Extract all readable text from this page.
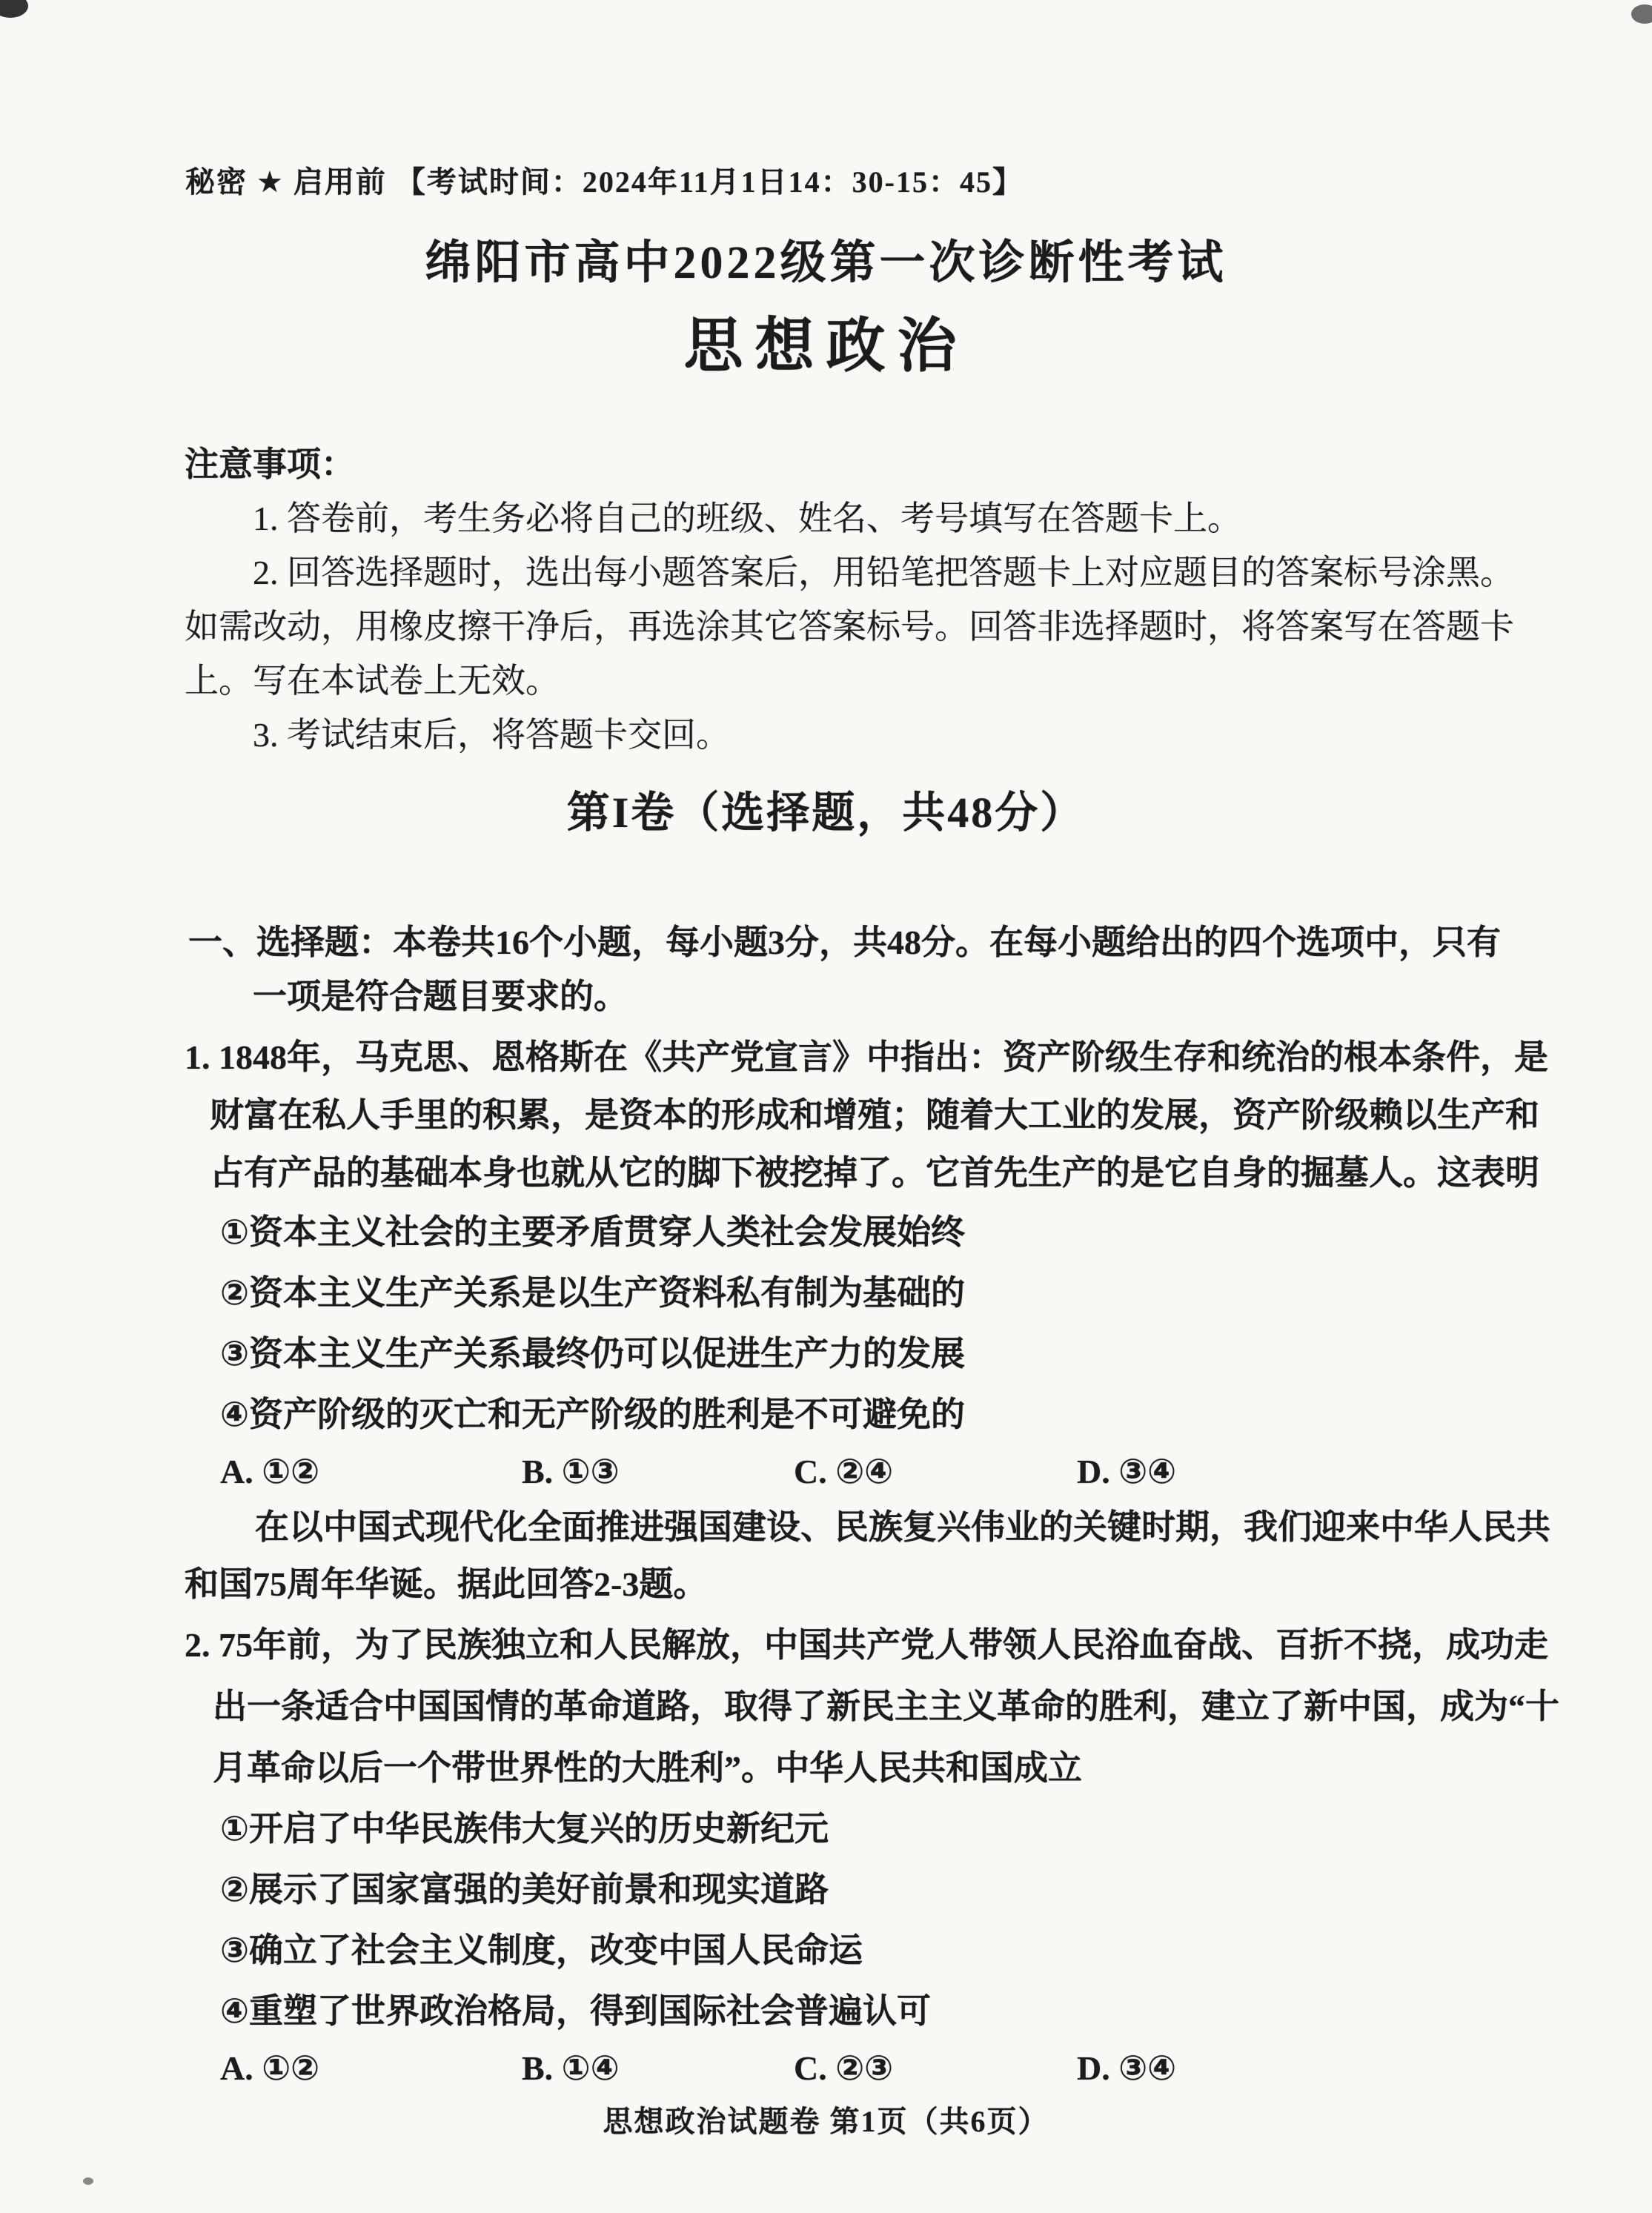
秘密 ★ 启用前 【考试时间：2024年11月1日14：30-15：45】
绵阳市高中2022级第一次诊断性考试
思想政治
注意事项：
1. 答卷前，考生务必将自己的班级、姓名、考号填写在答题卡上。
2. 回答选择题时，选出每小题答案后，用铅笔把答题卡上对应题目的答案标号涂黑。
如需改动，用橡皮擦干净后，再选涂其它答案标号。回答非选择题时，将答案写在答题卡
上。写在本试卷上无效。
3. 考试结束后，将答题卡交回。
第I卷（选择题，共48分）
一、选择题：本卷共16个小题，每小题3分，共48分。在每小题给出的四个选项中，只有
一项是符合题目要求的。
1. 1848年，马克思、恩格斯在《共产党宣言》中指出：资产阶级生存和统治的根本条件，是
财富在私人手里的积累，是资本的形成和增殖；随着大工业的发展，资产阶级赖以生产和
占有产品的基础本身也就从它的脚下被挖掉了。它首先生产的是它自身的掘墓人。这表明
①资本主义社会的主要矛盾贯穿人类社会发展始终
②资本主义生产关系是以生产资料私有制为基础的
③资本主义生产关系最终仍可以促进生产力的发展
④资产阶级的灭亡和无产阶级的胜利是不可避免的
A. ①②	B. ①③	C. ②④	D. ③④
在以中国式现代化全面推进强国建设、民族复兴伟业的关键时期，我们迎来中华人民共
和国75周年华诞。据此回答2-3题。
2. 75年前，为了民族独立和人民解放，中国共产党人带领人民浴血奋战、百折不挠，成功走
出一条适合中国国情的革命道路，取得了新民主主义革命的胜利，建立了新中国，成为“十
月革命以后一个带世界性的大胜利”。中华人民共和国成立
①开启了中华民族伟大复兴的历史新纪元
②展示了国家富强的美好前景和现实道路
③确立了社会主义制度，改变中国人民命运
④重塑了世界政治格局，得到国际社会普遍认可
A. ①②	B. ①④	C. ②③	D. ③④
思想政治试题卷 第1页（共6页）
